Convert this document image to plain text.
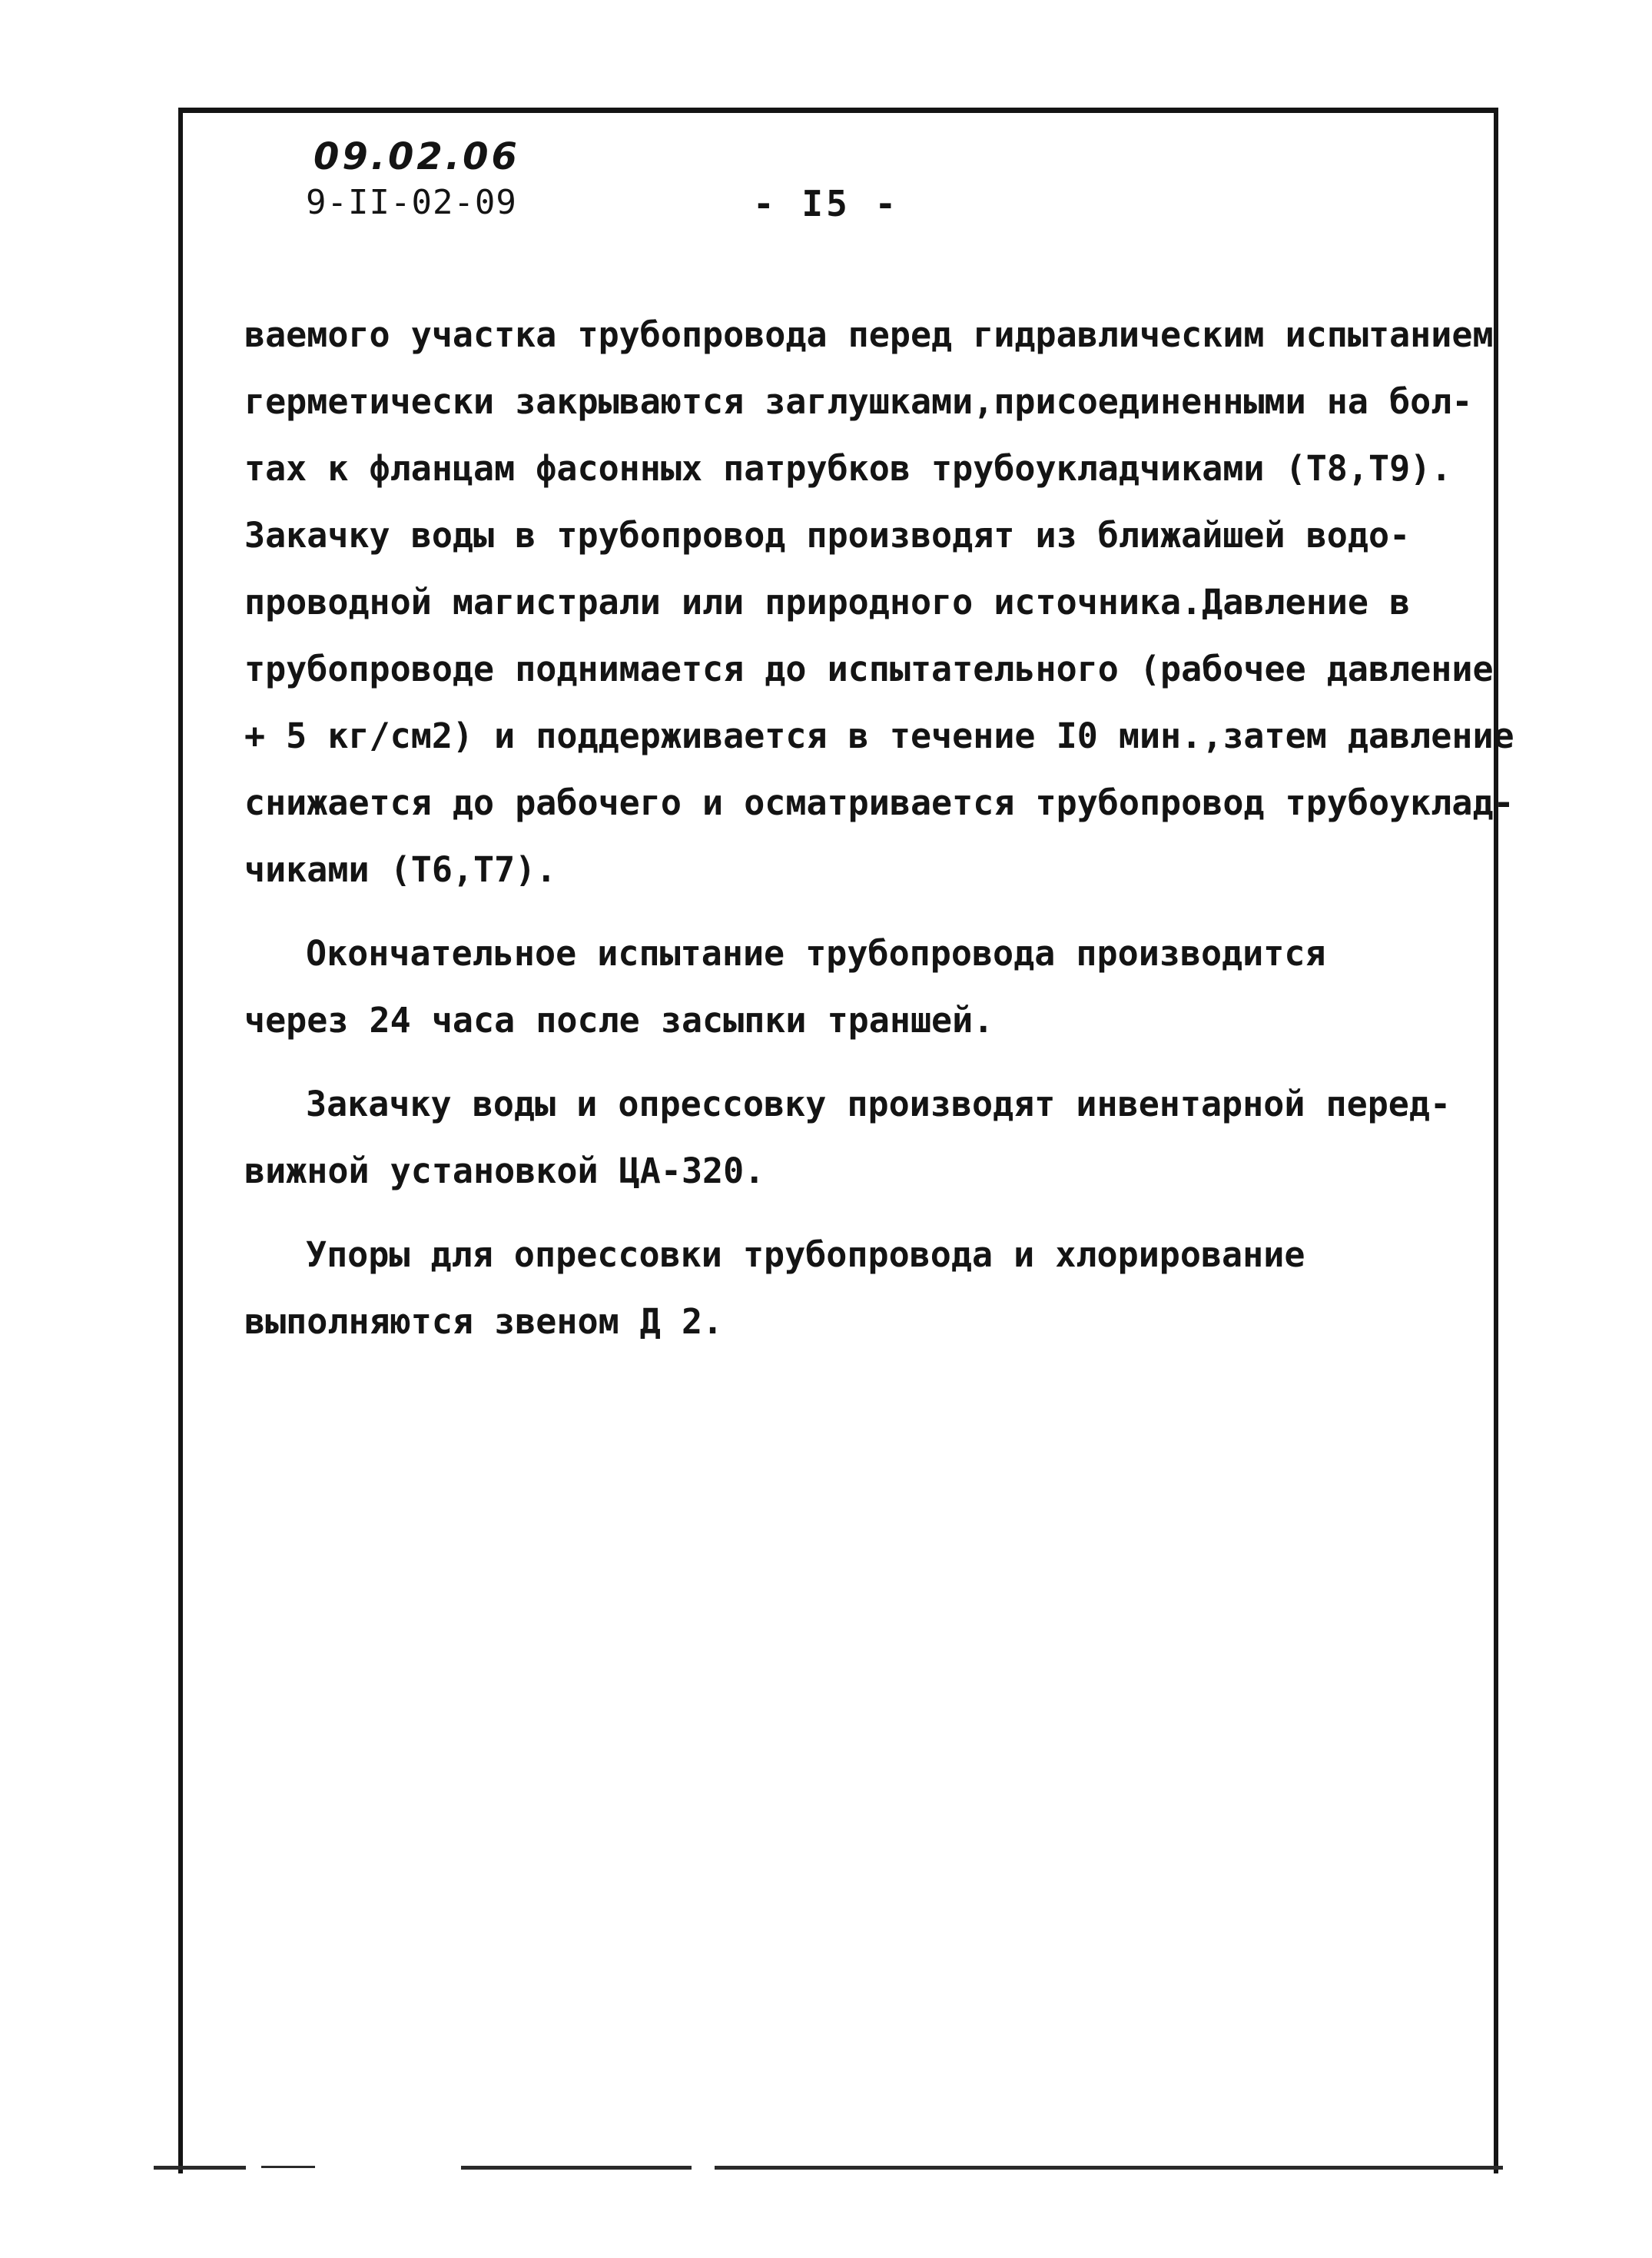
09.02.06
9-II-02-09	- I5 -
ваемого участка трубопровода перед гидравлическим испытанием
герметически закрываются заглушками,присоединенными на бол-
тах к фланцам фасонных патрубков трубоукладчиками (T8,T9).
Закачку воды в трубопровод производят из ближайшей водо-
проводной магистрали или природного источника.Давление в
трубопроводе поднимается до испытательного (рабочее давление
+ 5 кг/см2) и поддерживается в течение I0 мин.,затем давление
снижается до рабочего и осматривается трубопровод трубоуклад-
чиками (T6,T7).
Окончательное испытание трубопровода производится
через 24 часа после засыпки траншей.
Закачку воды и опрессовку производят инвентарной перед-
вижной установкой ЦА-320.
Упоры для опрессовки трубопровода и хлорирование
выполняются звеном Д 2.
